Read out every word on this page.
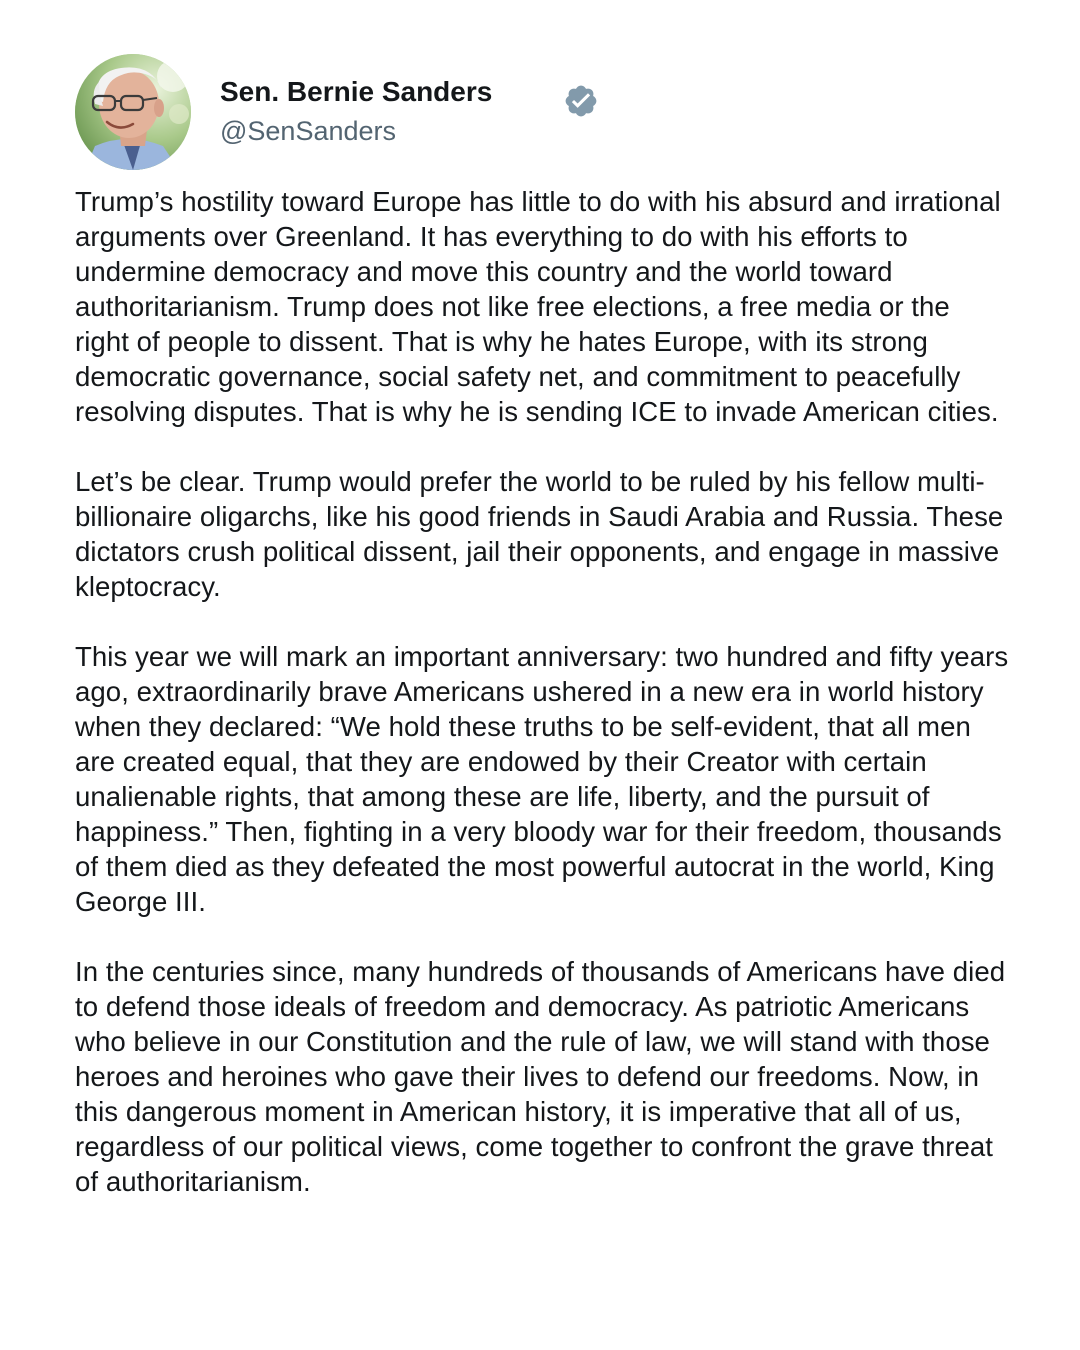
Sen. Bernie Sanders
@SenSanders

Trump’s hostility toward Europe has little to do with his absurd and irrational arguments over Greenland. It has everything to do with his efforts to undermine democracy and move this country and the world toward authoritarianism. Trump does not like free elections, a free media or the right of people to dissent. That is why he hates Europe, with its strong democratic governance, social safety net, and commitment to peacefully resolving disputes. That is why he is sending ICE to invade American cities.

Let’s be clear. Trump would prefer the world to be ruled by his fellow multi-billionaire oligarchs, like his good friends in Saudi Arabia and Russia. These dictators crush political dissent, jail their opponents, and engage in massive kleptocracy.

This year we will mark an important anniversary: two hundred and fifty years ago, extraordinarily brave Americans ushered in a new era in world history when they declared: “We hold these truths to be self-evident, that all men are created equal, that they are endowed by their Creator with certain unalienable rights, that among these are life, liberty, and the pursuit of happiness.” Then, fighting in a very bloody war for their freedom, thousands of them died as they defeated the most powerful autocrat in the world, King George III.

In the centuries since, many hundreds of thousands of Americans have died to defend those ideals of freedom and democracy. As patriotic Americans who believe in our Constitution and the rule of law, we will stand with those heroes and heroines who gave their lives to defend our freedoms. Now, in this dangerous moment in American history, it is imperative that all of us, regardless of our political views, come together to confront the grave threat of authoritarianism.
